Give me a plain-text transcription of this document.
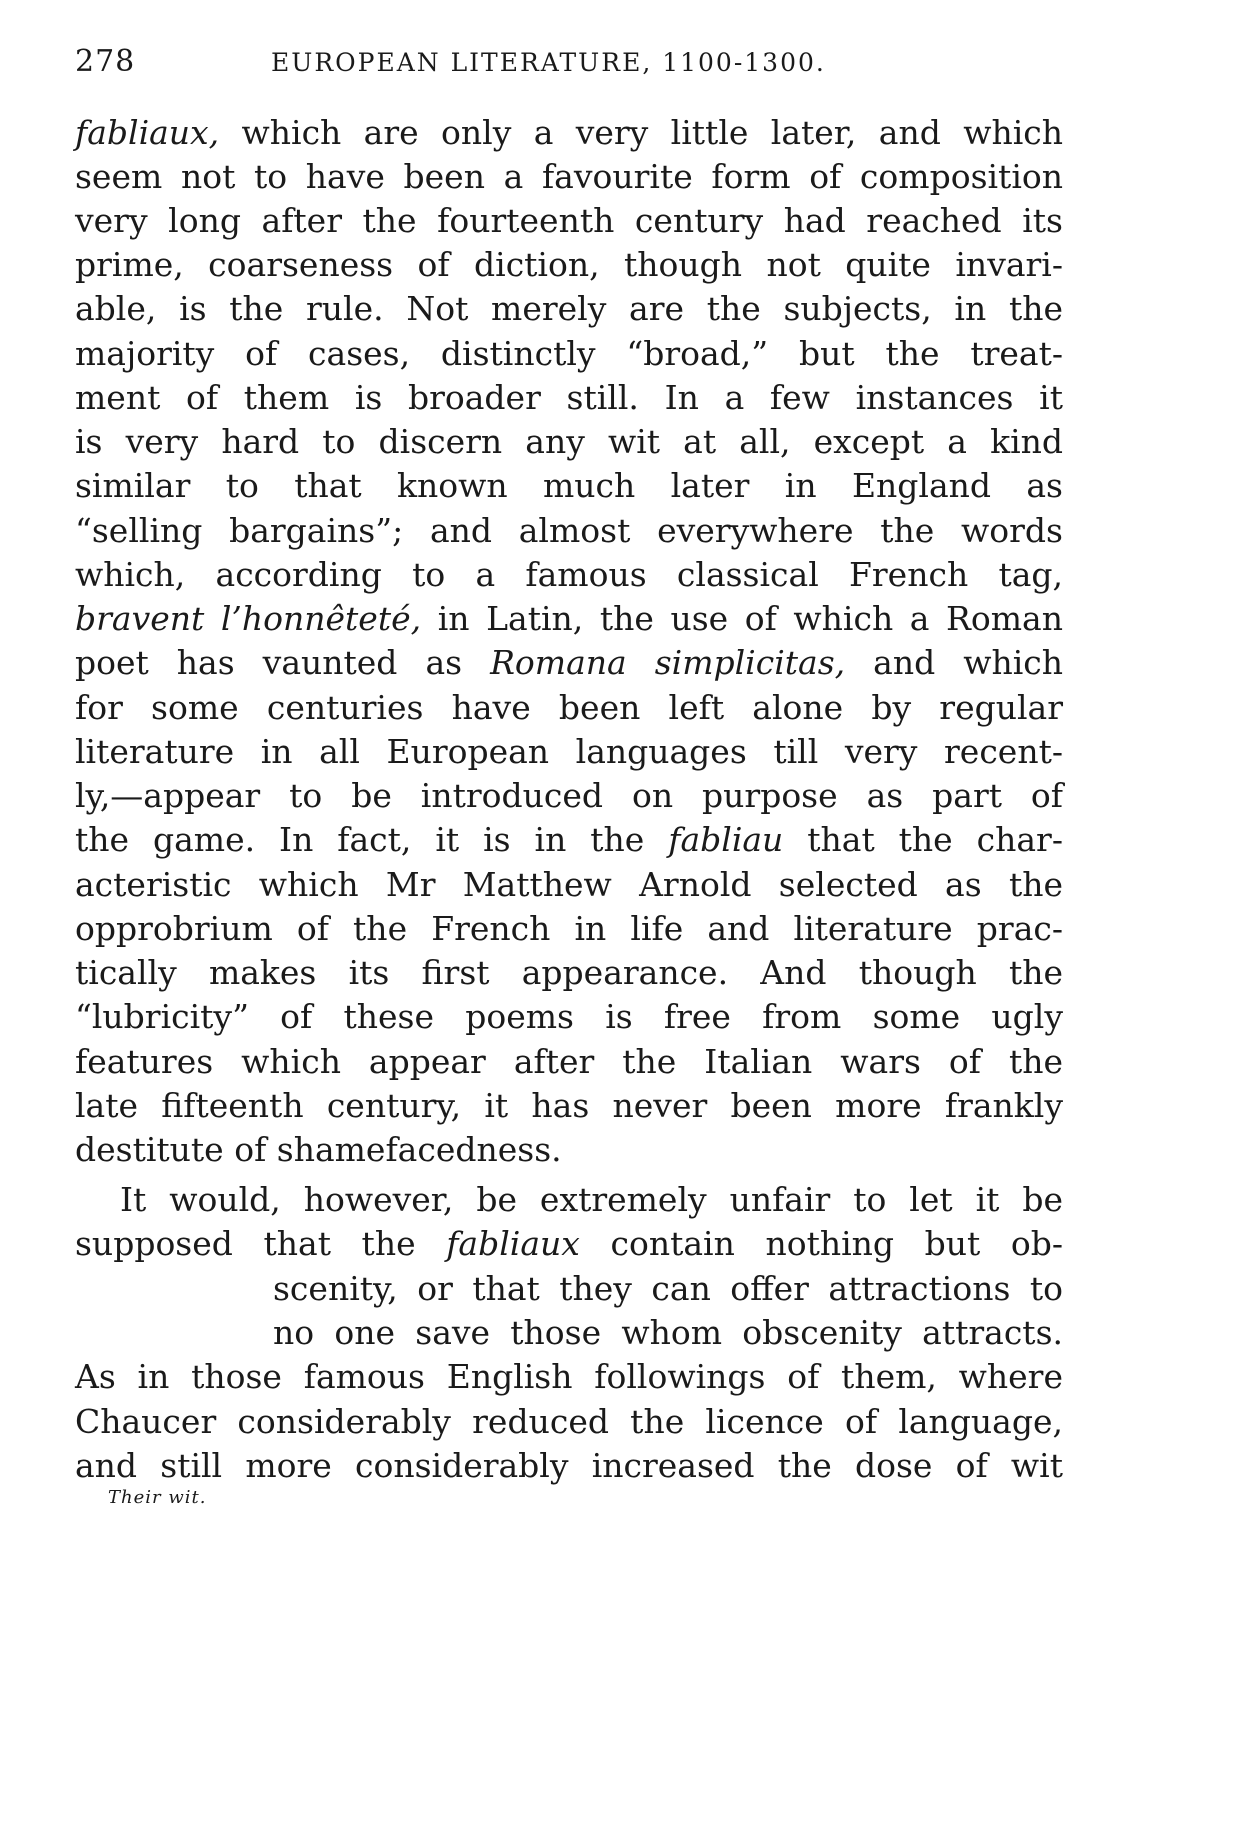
278	EUROPEAN LITERATURE, 1100-1300.
fabliaux, which are only a very little later, and which
seem not to have been a favourite form of composition
very long after the fourteenth century had reached its
prime, coarseness of diction, though not quite invari-
able, is the rule. Not merely are the subjects, in the
majority of cases, distinctly “broad,” but the treat-
ment of them is broader still. In a few instances it
is very hard to discern any wit at all, except a kind
similar to that known much later in England as
“selling bargains”; and almost everywhere the words
which, according to a famous classical French tag,
bravent l’honnêteté, in Latin, the use of which a Roman
poet has vaunted as Romana simplicitas, and which
for some centuries have been left alone by regular
literature in all European languages till very recent-
ly,—appear to be introduced on purpose as part of
the game. In fact, it is in the fabliau that the char-
acteristic which Mr Matthew Arnold selected as the
opprobrium of the French in life and literature prac-
tically makes its first appearance. And though the
“lubricity” of these poems is free from some ugly
features which appear after the Italian wars of the
late fifteenth century, it has never been more frankly
destitute of shamefacedness.
It would, however, be extremely unfair to let it be
supposed that the fabliaux contain nothing but ob-
scenity, or that they can offer attractions to
no one save those whom obscenity attracts.
As in those famous English followings of them, where
Chaucer considerably reduced the licence of language,
and still more considerably increased the dose of wit
Their wit.
